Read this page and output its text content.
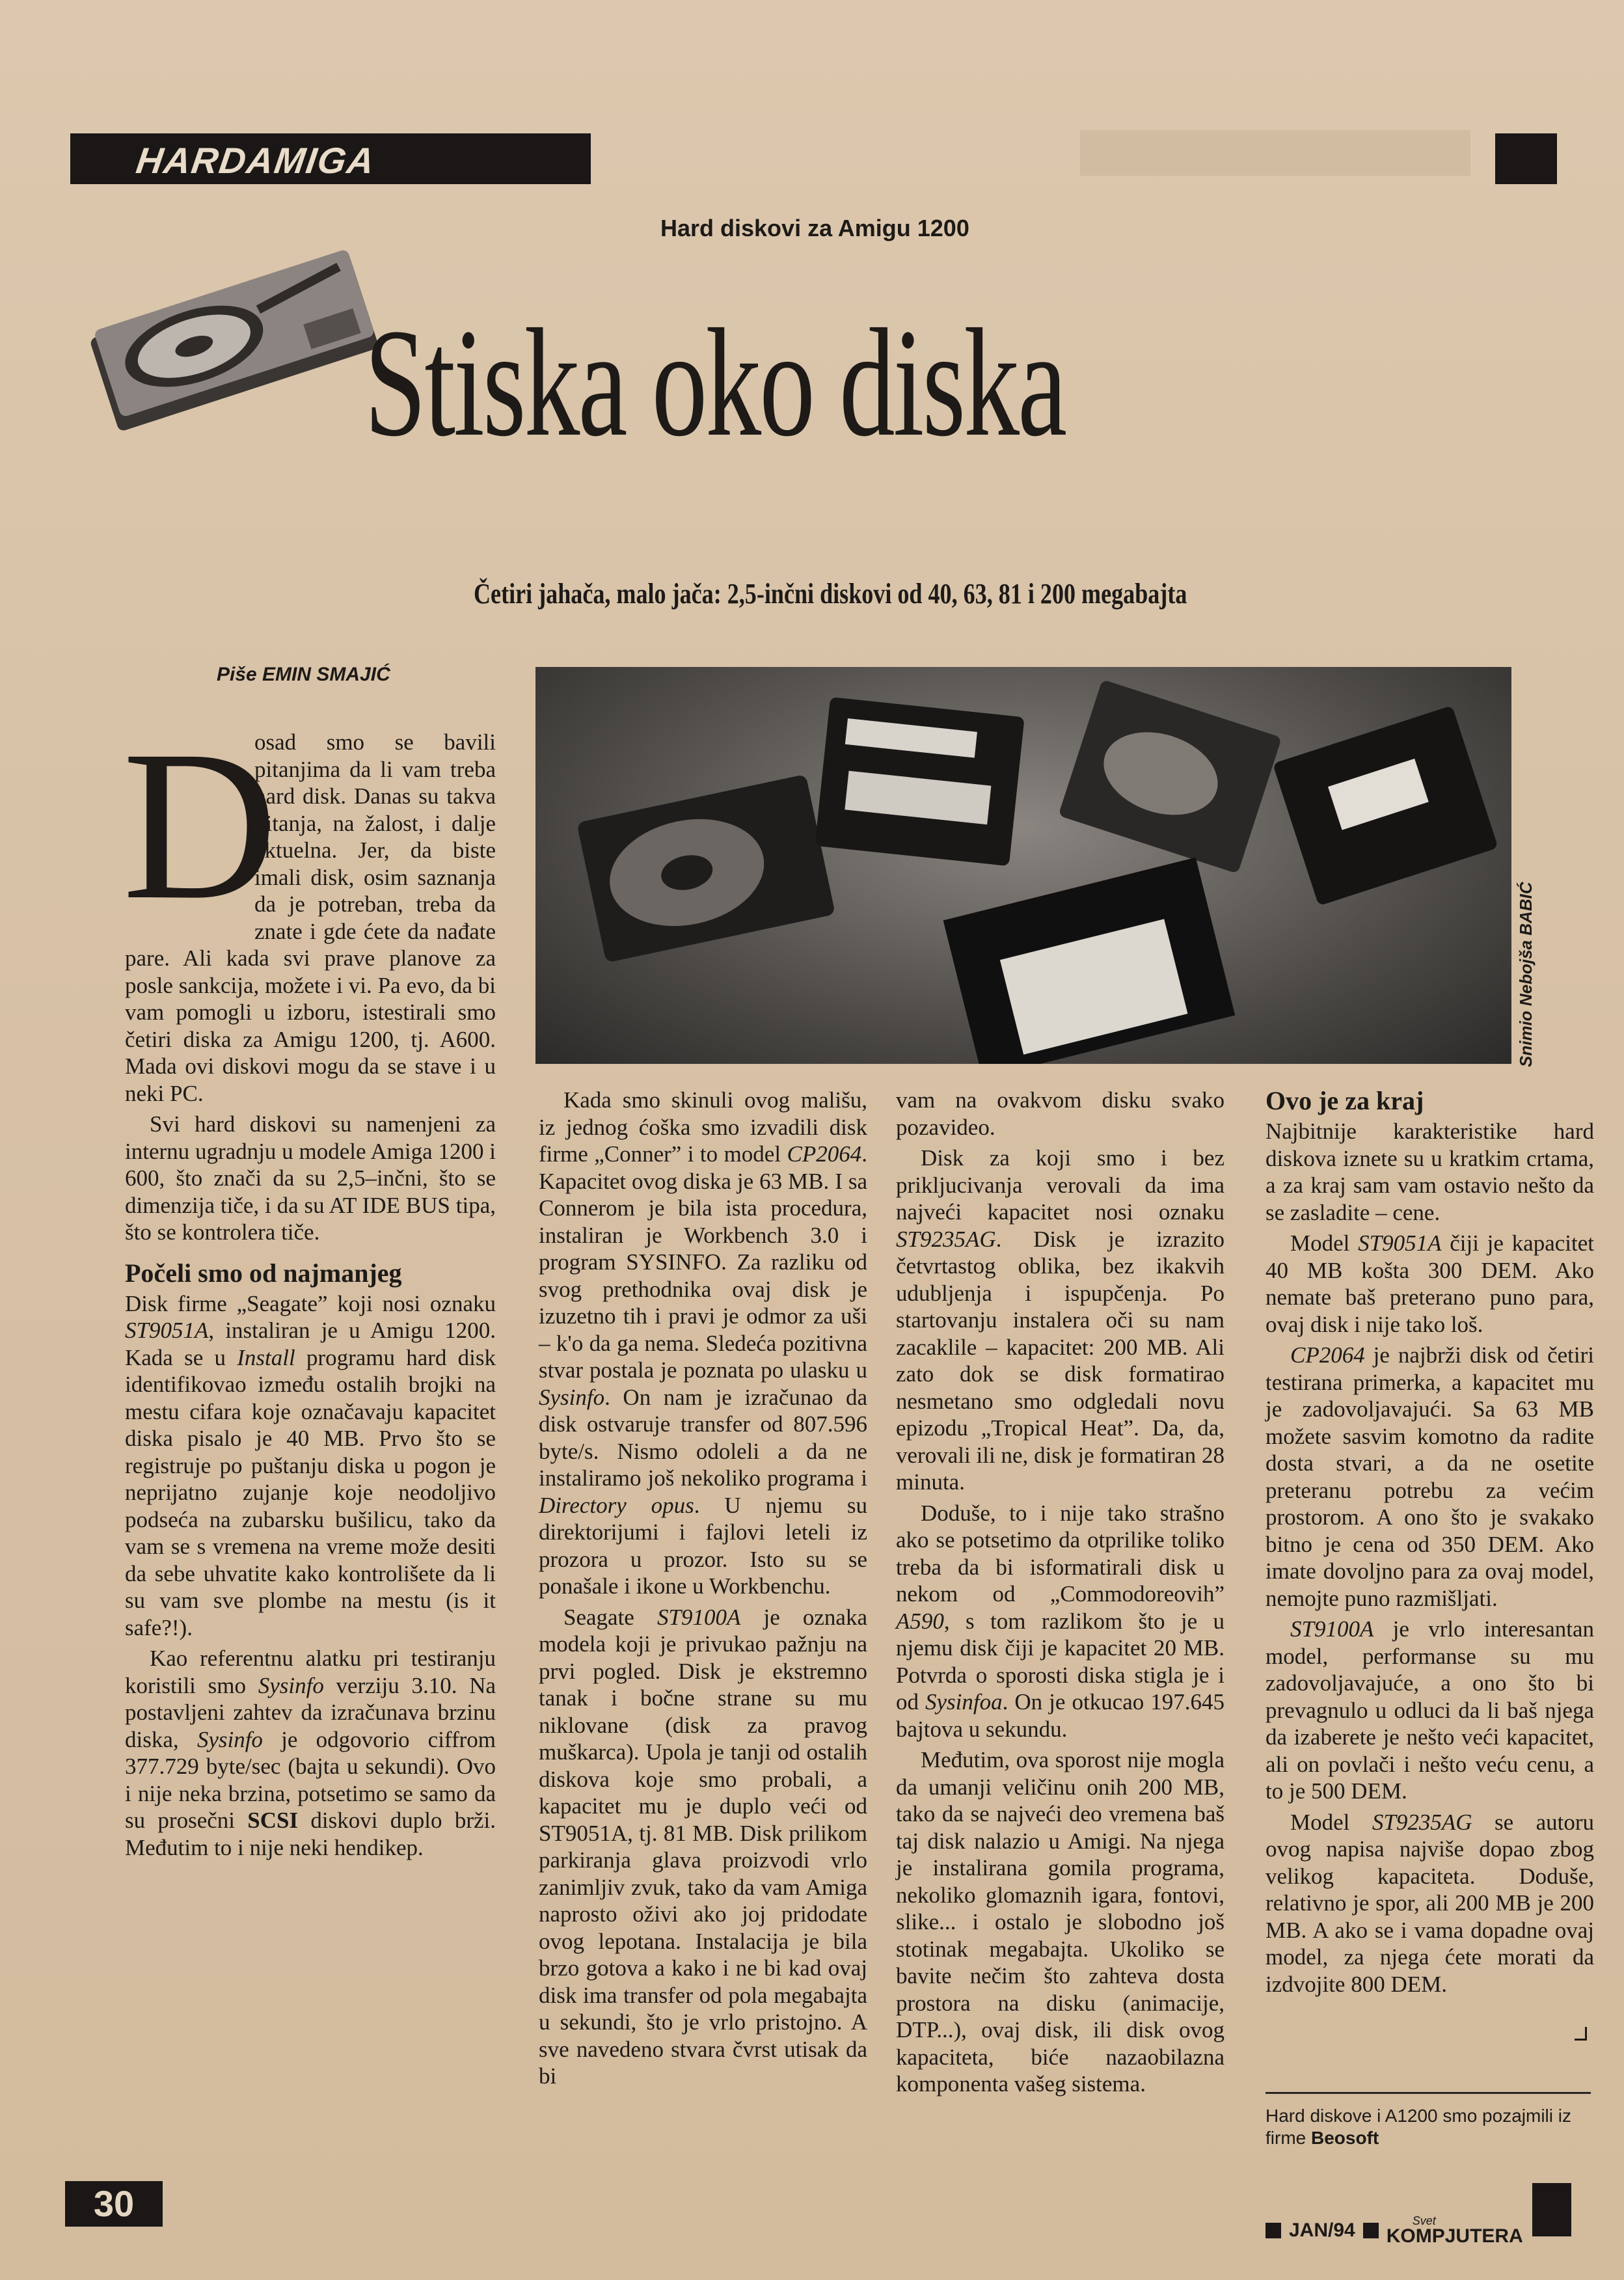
HARDAMIGA
Hard diskovi za Amigu 1200
Stiska oko diska
Četiri jahača, malo jača: 2,5-inčni diskovi od 40, 63, 81 i 200 megabajta
Piše EMIN SMAJIĆ
Snimio Nebojša BABIĆ
D

osad smo se bavili pitanjima da li vam treba hard disk. Danas su takva pitanja, na žalost, i dalje aktuelna. Jer, da biste imali disk, osim saznanja da je potreban, treba da znate i gde ćete da nađate pare. Ali kada svi prave planove za posle sankcija, možete i vi. Pa evo, da bi vam pomogli u izboru, istestirali smo četiri diska za Amigu 1200, tj. A600. Mada ovi diskovi mogu da se stave i u neki PC.

Svi hard diskovi su namenjeni za internu ugradnju u modele Amiga 1200 i 600, što znači da su 2,5–inčni, što se dimenzija tiče, i da su AT IDE BUS tipa, što se kontrolera tiče.

Počeli smo od najmanjeg

Disk firme „Seagate” koji nosi oznaku ST9051A, instaliran je u Amigu 1200. Kada se u Install programu hard disk identifikovao između ostalih brojki na mestu cifara koje označavaju kapacitet diska pisalo je 40 MB. Prvo što se registruje po puštanju diska u pogon je neprijatno zujanje koje neodoljivo podseća na zubarsku bušilicu, tako da vam se s vremena na vreme može desiti da sebe uhvatite kako kontrolišete da li su vam sve plombe na mestu (is it safe?!).

Kao referentnu alatku pri testiranju koristili smo Sysinfo verziju 3.10. Na postavljeni zahtev da izračunava brzinu diska, Sysinfo je odgovorio ciffrom 377.729 byte/sec (bajta u sekundi). Ovo i nije neka brzina, potsetimo se samo da su prosečni SCSI diskovi duplo brži. Međutim to i nije neki hendikep.

Kada smo skinuli ovog mališu, iz jednog ćoška smo izvadili disk firme „Conner” i to model CP2064. Kapacitet ovog diska je 63 MB. I sa Connerom je bila ista procedura, instaliran je Workbench 3.0 i program SYSINFO. Za razliku od svog prethodnika ovaj disk je izuzetno tih i pravi je odmor za uši – k'o da ga nema. Sledeća pozitivna stvar postala je poznata po ulasku u Sysinfo. On nam je izračunao da disk ostvaruje transfer od 807.596 byte/s. Nismo odoleli a da ne instaliramo još nekoliko programa i Directory opus. U njemu su direktorijumi i fajlovi leteli iz prozora u prozor. Isto su se ponašale i ikone u Workbenchu.

Seagate ST9100A je oznaka modela koji je privukao pažnju na prvi pogled. Disk je ekstremno tanak i bočne strane su mu niklovane (disk za pravog muškarca). Upola je tanji od ostalih diskova koje smo probali, a kapacitet mu je duplo veći od ST9051A, tj. 81 MB. Disk prilikom parkiranja glava proizvodi vrlo zanimljiv zvuk, tako da vam Amiga naprosto oživi ako joj pridodate ovog lepotana. Instalacija je bila brzo gotova a kako i ne bi kad ovaj disk ima transfer od pola megabajta u sekundi, što je vrlo pristojno. A sve navedeno stvara čvrst utisak da bi

vam na ovakvom disku svako pozavideo.

Disk za koji smo i bez prikljucivanja verovali da ima najveći kapacitet nosi oznaku ST9235AG. Disk je izrazito četvrtastog oblika, bez ikakvih udubljenja i ispupčenja. Po startovanju instalera oči su nam zacaklile – kapacitet: 200 MB. Ali zato dok se disk formatirao nesmetano smo odgledali novu epizodu „Tropical Heat”. Da, da, verovali ili ne, disk je formatiran 28 minuta.

Doduše, to i nije tako strašno ako se potsetimo da otprilike toliko treba da bi isformatirali disk u nekom od „Commodoreovih” A590, s tom razlikom što je u njemu disk čiji je kapacitet 20 MB. Potvrda o sporosti diska stigla je i od Sysinfoa. On je otkucao 197.645 bajtova u sekundu.

Međutim, ova sporost nije mogla da umanji veličinu onih 200 MB, tako da se najveći deo vremena baš taj disk nalazio u Amigi. Na njega je instalirana gomila programa, nekoliko glomaznih igara, fontovi, slike... i ostalo je slobodno još stotinak megabajta. Ukoliko se bavite nečim što zahteva dosta prostora na disku (animacije, DTP...), ovaj disk, ili disk ovog kapaciteta, biće nazaobilazna komponenta vašeg sistema.

Ovo je za kraj

Najbitnije karakteristike hard diskova iznete su u kratkim crtama, a za kraj sam vam ostavio nešto da se zasladite – cene.

Model ST9051A čiji je kapacitet 40 MB košta 300 DEM. Ako nemate baš preterano puno para, ovaj disk i nije tako loš.

CP2064 je najbrži disk od četiri testirana primerka, a kapacitet mu je zadovoljavajući. Sa 63 MB možete sasvim komotno da radite dosta stvari, a da ne osetite preteranu potrebu za većim prostorom. A ono što je svakako bitno je cena od 350 DEM. Ako imate dovoljno para za ovaj model, nemojte puno razmišljati.

ST9100A je vrlo interesantan model, performanse su mu zadovoljavajuće, a ono što bi prevagnulo u odluci da li baš njega da izaberete je nešto veći kapacitet, ali on povlači i nešto veću cenu, a to je 500 DEM.

Model ST9235AG se autoru ovog napisa najviše dopao zbog velikog kapaciteta. Doduše, relativno je spor, ali 200 MB je 200 MB. A ako se i vama dopadne ovaj model, za njega ćete morati da izdvojite 800 DEM.

Hard diskove i A1200 smo pozajmili iz firme Beosoft
30
JAN/94	Svet
KOMPJUTERA
